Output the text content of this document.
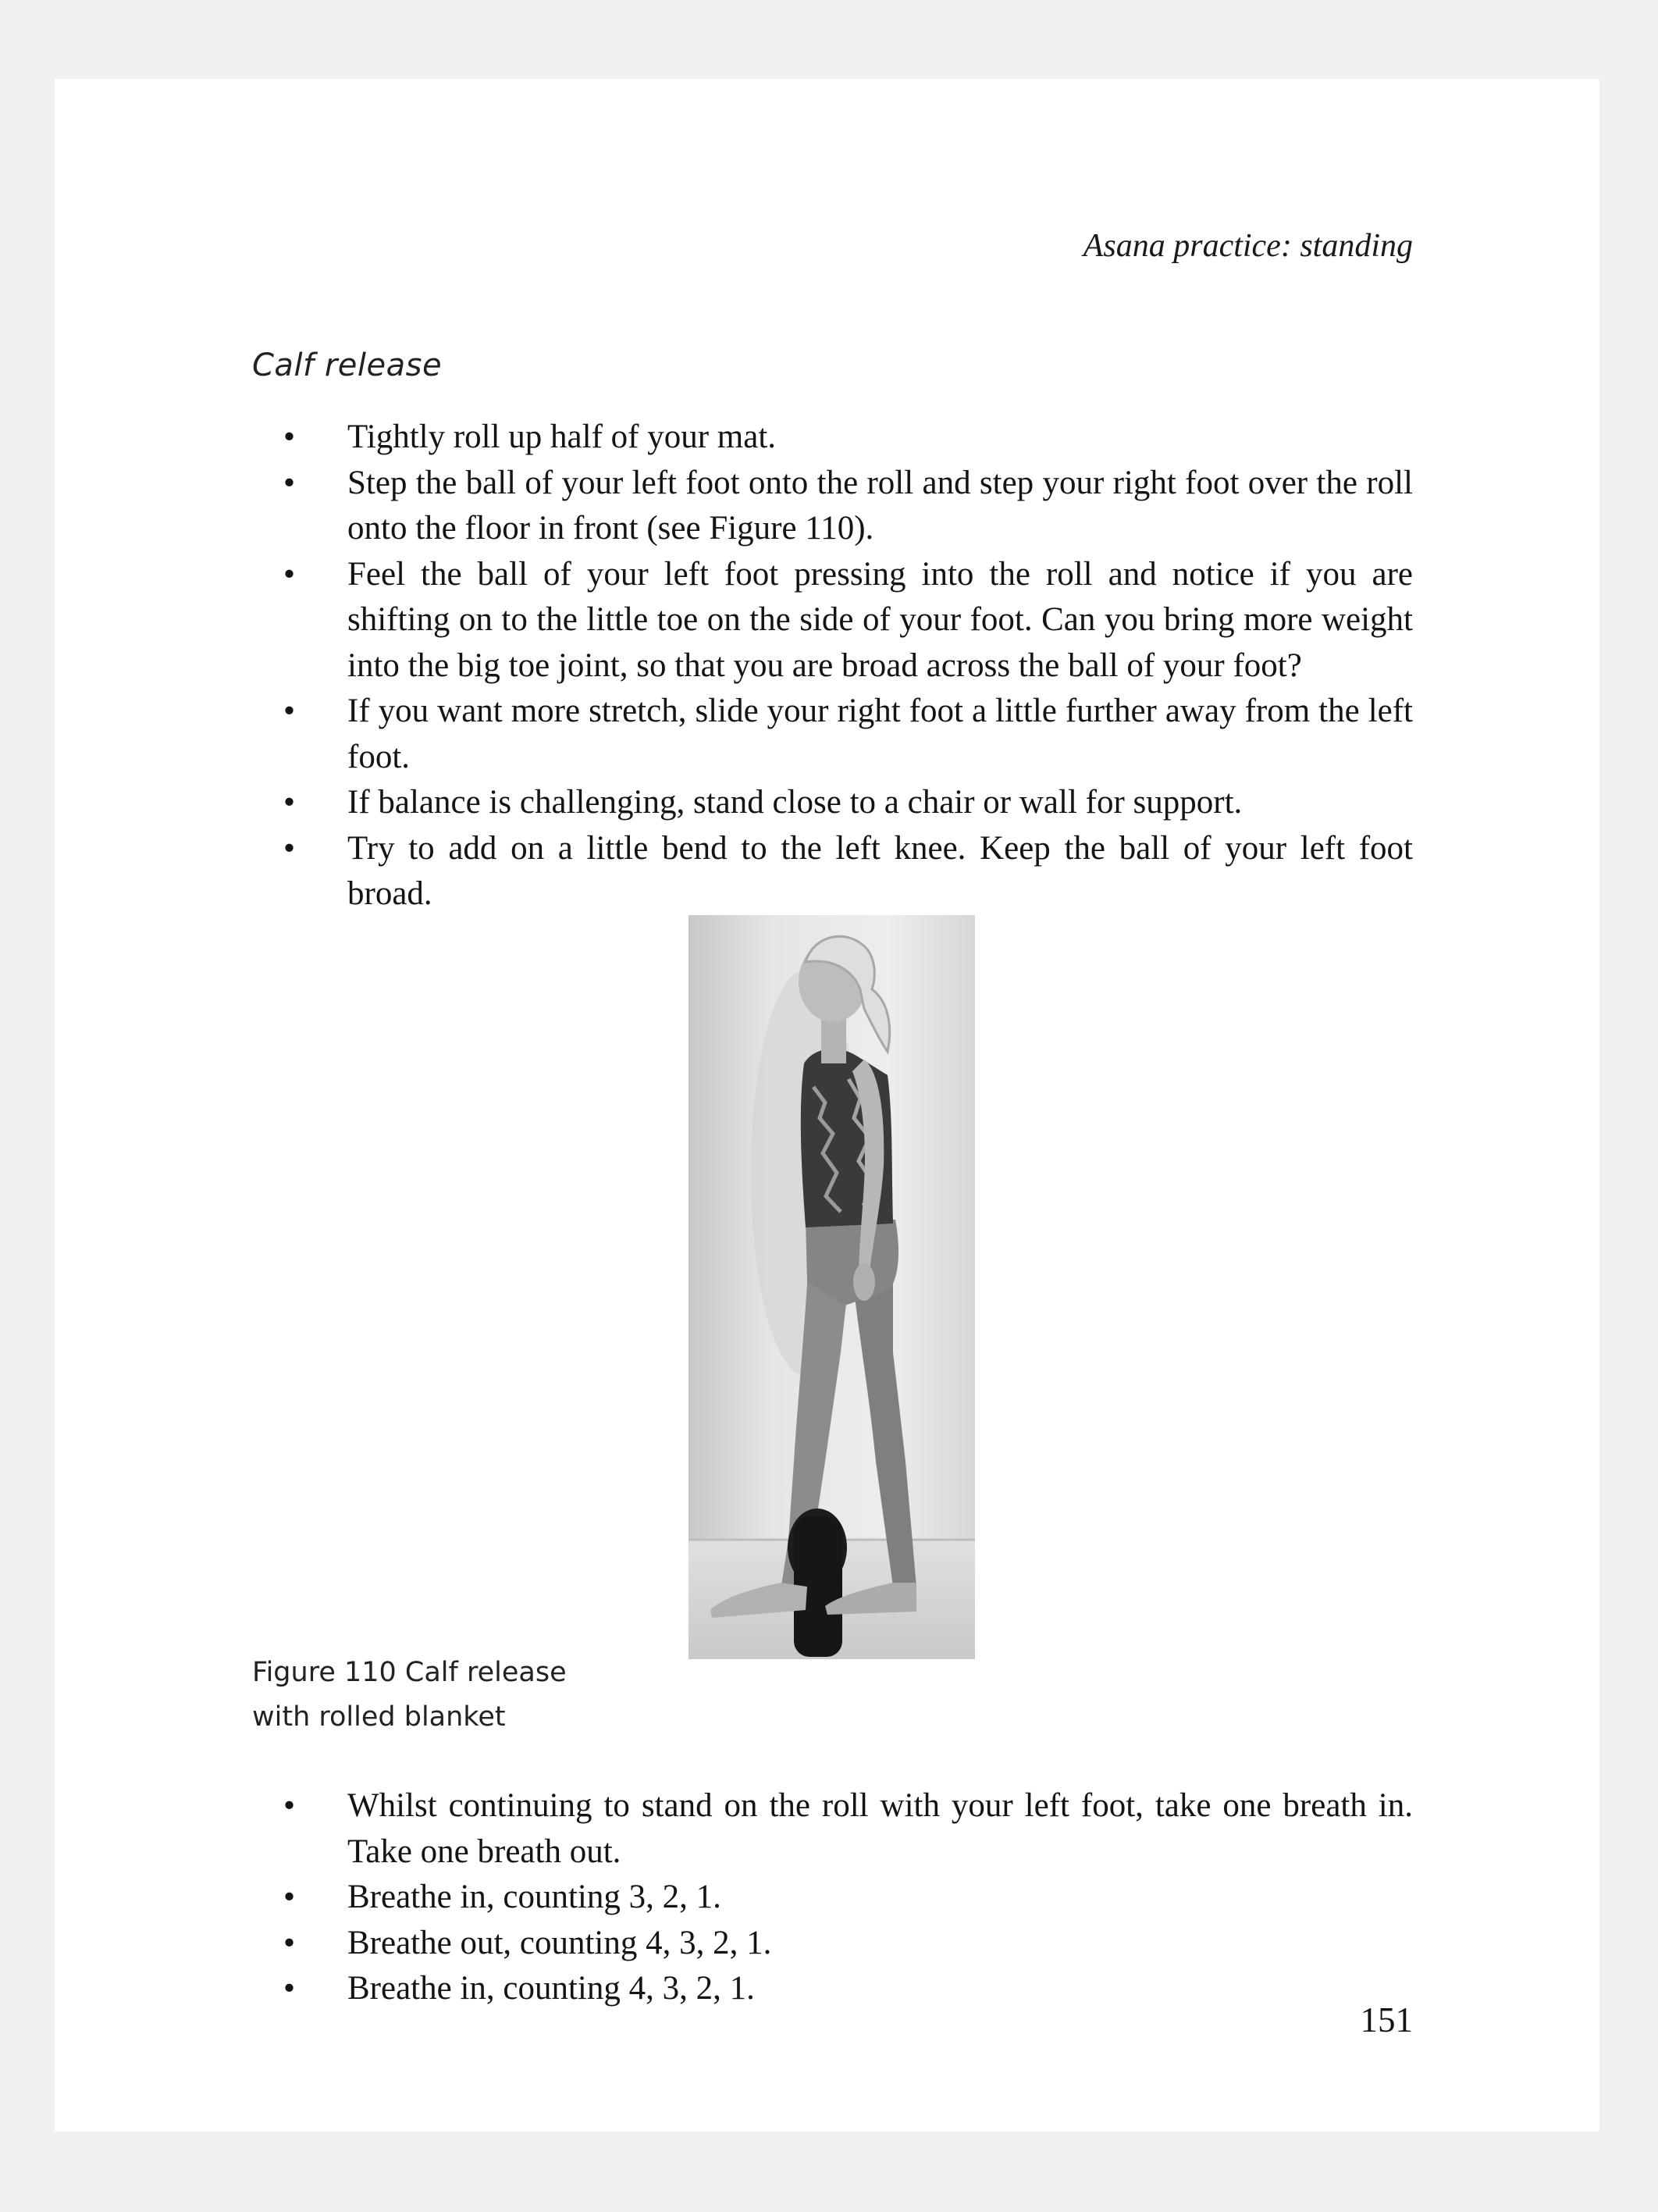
Asana practice: standing
Calf release
• Tightly roll up half of your mat.
• Step the ball of your left foot onto the roll and step your right foot over the roll onto the floor in front (see Figure 110).
• Feel the ball of your left foot pressing into the roll and notice if you are shifting on to the little toe on the side of your foot. Can you bring more weight into the big toe joint, so that you are broad across the ball of your foot?
• If you want more stretch, slide your right foot a little further away from the left foot.
• If balance is challenging, stand close to a chair or wall for support.
• Try to add on a little bend to the left knee. Keep the ball of your left foot broad.
Figure 110 Calf release
with rolled blanket
• Whilst continuing to stand on the roll with your left foot, take one breath in. Take one breath out.
• Breathe in, counting 3, 2, 1.
• Breathe out, counting 4, 3, 2, 1.
• Breathe in, counting 4, 3, 2, 1.
151
